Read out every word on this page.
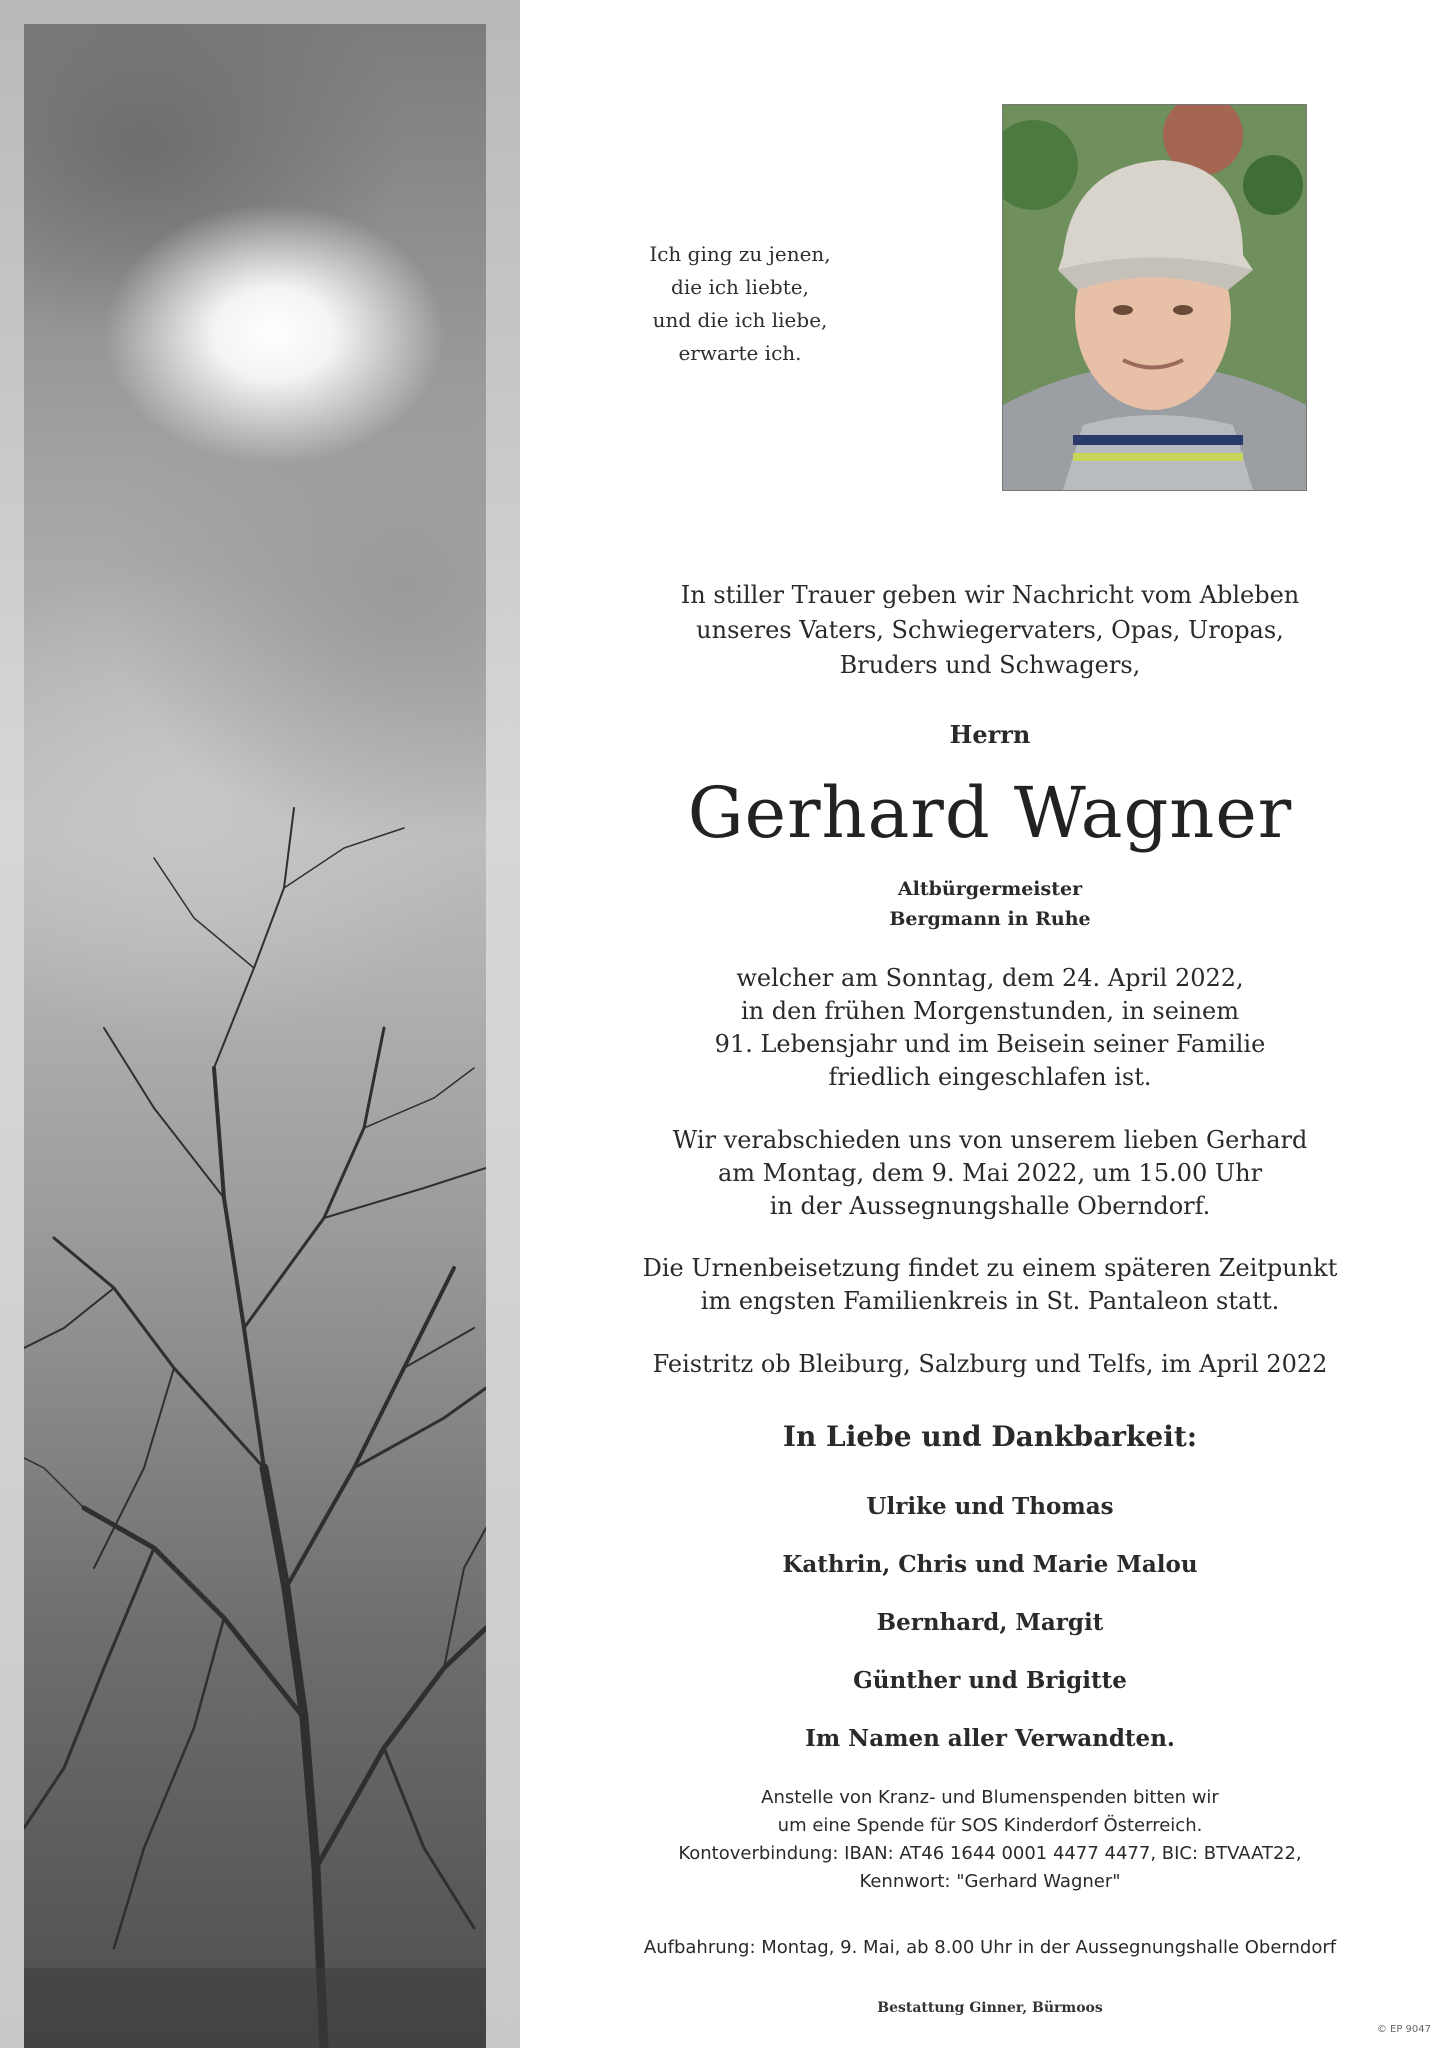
Ich ging zu jenen,
die ich liebte,
und die ich liebe,
erwarte ich.
In stiller Trauer geben wir Nachricht vom Ableben
unseres Vaters, Schwiegervaters, Opas, Uropas,
Bruders und Schwagers,
Herrn
Gerhard Wagner
Altbürgermeister
Bergmann in Ruhe
welcher am Sonntag, dem 24. April 2022,
in den frühen Morgenstunden, in seinem
91. Lebensjahr und im Beisein seiner Familie
friedlich eingeschlafen ist.
Wir verabschieden uns von unserem lieben Gerhard
am Montag, dem 9. Mai 2022, um 15.00 Uhr
in der Aussegnungshalle Oberndorf.
Die Urnenbeisetzung findet zu einem späteren Zeitpunkt
im engsten Familienkreis in St. Pantaleon statt.
Feistritz ob Bleiburg, Salzburg und Telfs, im April 2022
In Liebe und Dankbarkeit:
Ulrike und Thomas
Kathrin, Chris und Marie Malou
Bernhard, Margit
Günther und Brigitte
Im Namen aller Verwandten.
Anstelle von Kranz- und Blumenspenden bitten wir
um eine Spende für SOS Kinderdorf Österreich.
Kontoverbindung: IBAN: AT46 1644 0001 4477 4477, BIC: BTVAAT22,
Kennwort: "Gerhard Wagner"
Aufbahrung: Montag, 9. Mai, ab 8.00 Uhr in der Aussegnungshalle Oberndorf
Bestattung Ginner, Bürmoos
© EP 9047
